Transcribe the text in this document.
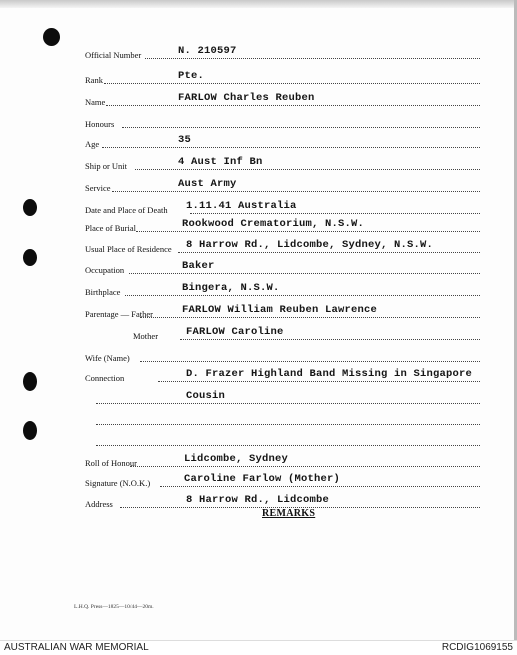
Official Number	N. 210597
Rank	Pte.
Name	FARLOW Charles Reuben
Honours
Age	35
Ship or Unit	4 Aust Inf Bn
Service	Aust Army
Date and Place of Death 1.11.41 Australia
Place of Burial	Rookwood Crematorium, N.S.W.
Usual Place of Residence 8 Harrow Rd., Lidcombe, Sydney, N.S.W.
Occupation	Baker
Birthplace	Bingera, N.S.W.
Parentage — Father	FARLOW William Reuben Lawrence
Mother	FARLOW Caroline
Wife (Name)
Connection	D. Frazer Highland Band Missing in Singapore
Cousin
Roll of Honour	Lidcombe, Sydney
Signature (N.O.K.)	Caroline Farlow (Mother)
Address	8 Harrow Rd., Lidcombe
REMARKS
L.H.Q. Press—1825—10/44—20m.
AUSTRALIAN WAR MEMORIAL	RCDIG1069155
